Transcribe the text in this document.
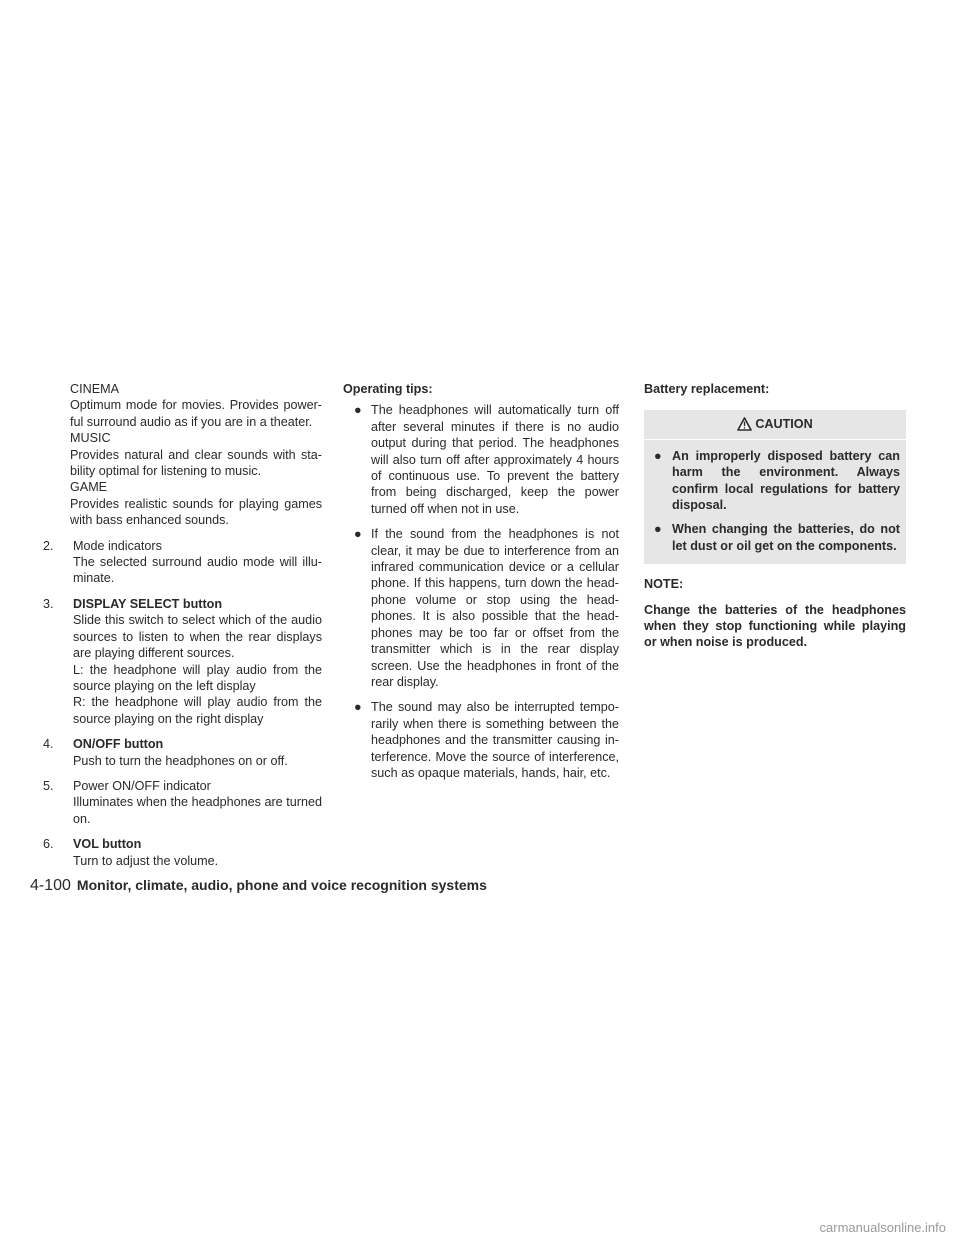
CINEMA

Optimum mode for movies. Provides power-ful surround audio as if you are in a theater.

MUSIC

Provides natural and clear sounds with sta-bility optimal for listening to music.

GAME

Provides realistic sounds for playing games with bass enhanced sounds.

2. Mode indicators

The selected surround audio mode will illu-minate.

3. DISPLAY SELECT button

Slide this switch to select which of the audio sources to listen to when the rear displays are playing different sources.

L: the headphone will play audio from the source playing on the left display

R: the headphone will play audio from the source playing on the right display

4. ON/OFF button

Push to turn the headphones on or off.

5. Power ON/OFF indicator

Illuminates when the headphones are turned on.

6. VOL button

Turn to adjust the volume.

Operating tips:

● The headphones will automatically turn off after several minutes if there is no audio output during that period. The headphones will also turn off after approximately 4 hours of continuous use. To prevent the battery from being discharged, keep the power turned off when not in use.
● If the sound from the headphones is not clear, it may be due to interference from an infrared communication device or a cellular phone. If this happens, turn down the head-phone volume or stop using the head-phones. It is also possible that the head-phones may be too far or offset from the transmitter which is in the rear display screen. Use the headphones in front of the rear display.
● The sound may also be interrupted tempo-rarily when there is something between the headphones and the transmitter causing in-terference. Move the source of interference, such as opaque materials, hands, hair, etc.

Battery replacement:

CAUTION
● An improperly disposed battery can harm the environment. Always confirm local regulations for battery disposal.
● When changing the batteries, do not let dust or oil get on the components.

NOTE:

Change the batteries of the headphones when they stop functioning while playing or when noise is produced.

4-100 Monitor, climate, audio, phone and voice recognition systems
carmanualsonline.info
